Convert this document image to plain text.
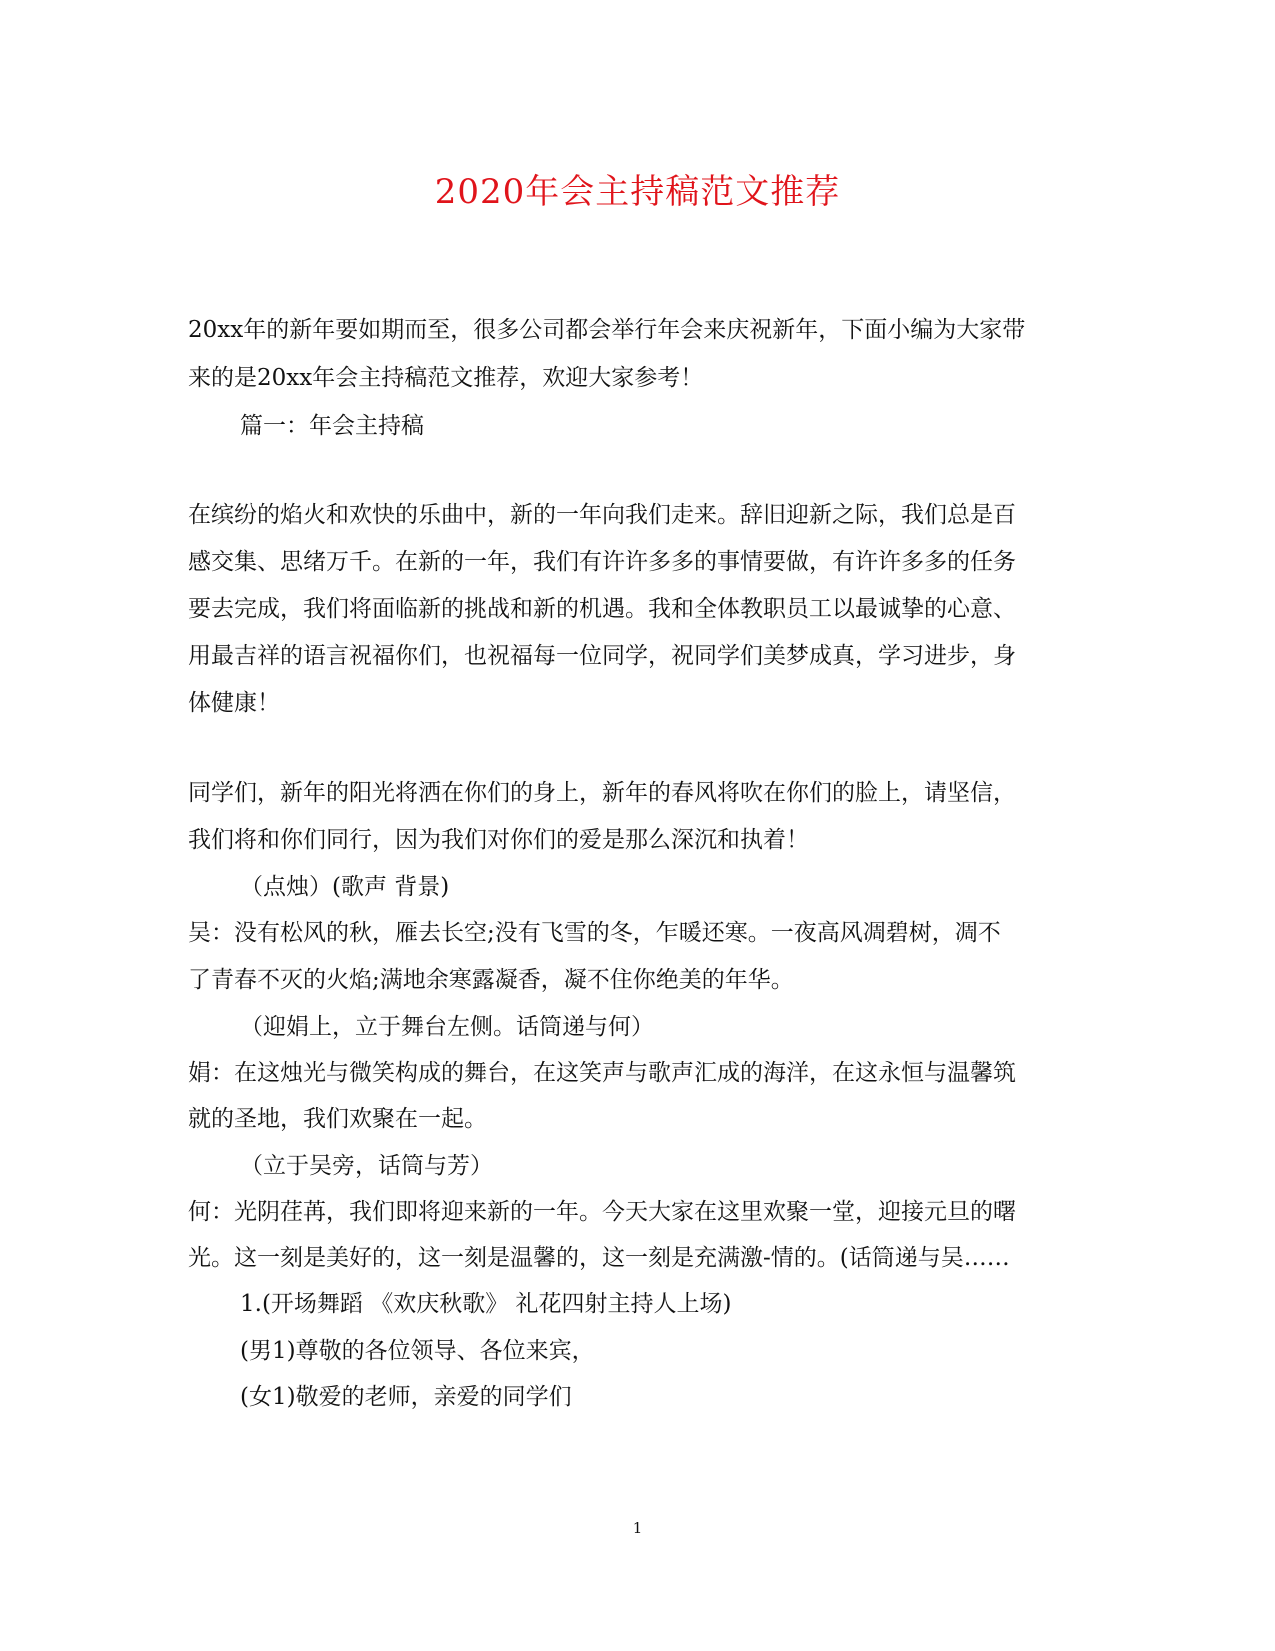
2020年会主持稿范文推荐
20xx年的新年要如期而至，很多公司都会举行年会来庆祝新年，下面小编为大家带
来的是20xx年会主持稿范文推荐，欢迎大家参考！
篇一：年会主持稿
在缤纷的焰火和欢快的乐曲中，新的一年向我们走来。辞旧迎新之际，我们总是百
感交集、思绪万千。在新的一年，我们有许许多多的事情要做，有许许多多的任务
要去完成，我们将面临新的挑战和新的机遇。我和全体教职员工以最诚挚的心意、
用最吉祥的语言祝福你们，也祝福每一位同学，祝同学们美梦成真，学习进步，身
体健康！
同学们，新年的阳光将洒在你们的身上，新年的春风将吹在你们的脸上，请坚信，
我们将和你们同行，因为我们对你们的爱是那么深沉和执着！
（点烛）(歌声 背景)
吴：没有松风的秋，雁去长空;没有飞雪的冬，乍暖还寒。一夜高风凋碧树，凋不
了青春不灭的火焰;满地余寒露凝香，凝不住你绝美的年华。
（迎娟上，立于舞台左侧。话筒递与何）
娟：在这烛光与微笑构成的舞台，在这笑声与歌声汇成的海洋，在这永恒与温馨筑
就的圣地，我们欢聚在一起。
（立于吴旁，话筒与芳）
何：光阴荏苒，我们即将迎来新的一年。今天大家在这里欢聚一堂，迎接元旦的曙
光。这一刻是美好的，这一刻是温馨的，这一刻是充满激-情的。(话筒递与吴……
1.(开场舞蹈 《欢庆秋歌》 礼花四射主持人上场)
(男1)尊敬的各位领导、各位来宾，
(女1)敬爱的老师，亲爱的同学们
1
